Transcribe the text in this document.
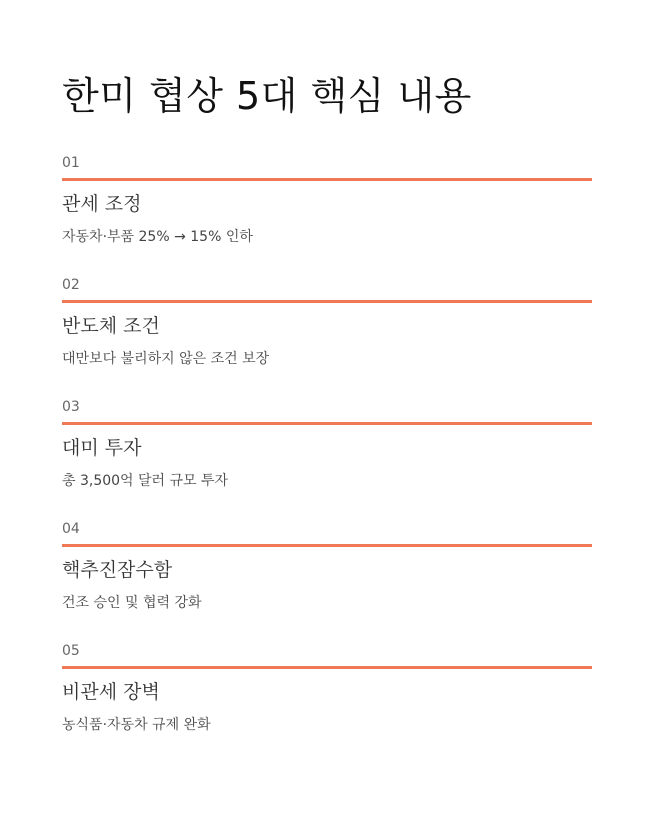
한미 협상 5대 핵심 내용
01
관세 조정
자동차·부품 25% → 15% 인하
02
반도체 조건
대만보다 불리하지 않은 조건 보장
03
대미 투자
총 3,500억 달러 규모 투자
04
핵추진잠수함
건조 승인 및 협력 강화
05
비관세 장벽
농식품·자동차 규제 완화
